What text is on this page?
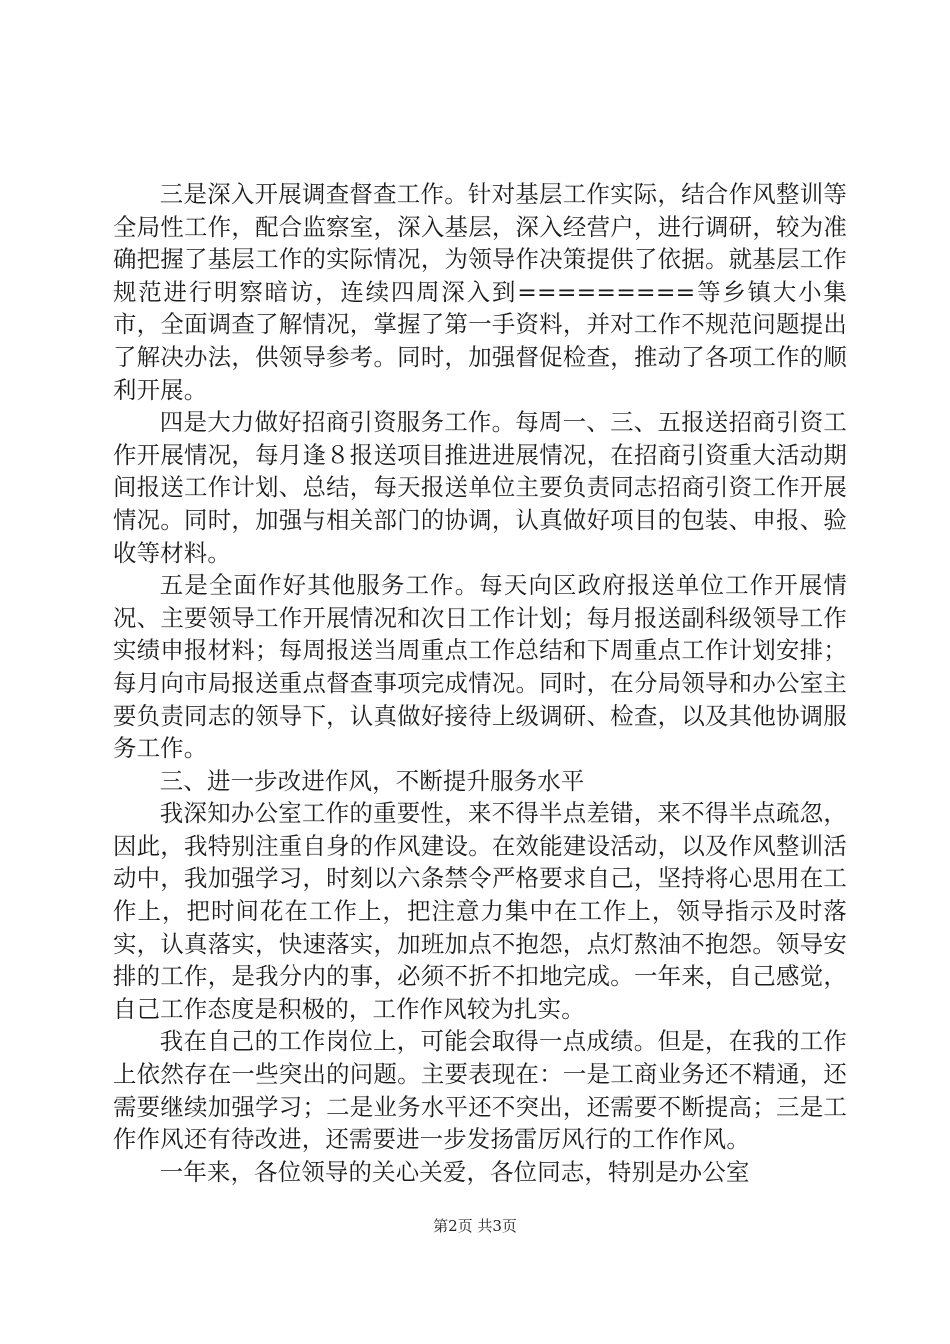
三是深入开展调查督查工作。针对基层工作实际，结合作风整训等全局性工作，配合监察室，深入基层，深入经营户，进行调研，较为准确把握了基层工作的实际情况，为领导作决策提供了依据。就基层工作规范进行明察暗访，连续四周深入到=========等乡镇大小集市，全面调查了解情况，掌握了第一手资料，并对工作不规范问题提出了解决办法，供领导参考。同时，加强督促检查，推动了各项工作的顺利开展。

四是大力做好招商引资服务工作。每周一、三、五报送招商引资工作开展情况，每月逢８报送项目推进进展情况，在招商引资重大活动期间报送工作计划、总结，每天报送单位主要负责同志招商引资工作开展情况。同时，加强与相关部门的协调，认真做好项目的包装、申报、验收等材料。

五是全面作好其他服务工作。每天向区政府报送单位工作开展情况、主要领导工作开展情况和次日工作计划；每月报送副科级领导工作实绩申报材料；每周报送当周重点工作总结和下周重点工作计划安排；每月向市局报送重点督查事项完成情况。同时，在分局领导和办公室主要负责同志的领导下，认真做好接待上级调研、检查，以及其他协调服务工作。

三、进一步改进作风，不断提升服务水平

我深知办公室工作的重要性，来不得半点差错，来不得半点疏忽，因此，我特别注重自身的作风建设。在效能建设活动，以及作风整训活动中，我加强学习，时刻以六条禁令严格要求自己，坚持将心思用在工作上，把时间花在工作上，把注意力集中在工作上，领导指示及时落实，认真落实，快速落实，加班加点不抱怨，点灯熬油不抱怨。领导安排的工作，是我分内的事，必须不折不扣地完成。一年来，自己感觉，自己工作态度是积极的，工作作风较为扎实。

我在自己的工作岗位上，可能会取得一点成绩。但是，在我的工作上依然存在一些突出的问题。主要表现在：一是工商业务还不精通，还需要继续加强学习；二是业务水平还不突出，还需要不断提高；三是工作作风还有待改进，还需要进一步发扬雷厉风行的工作作风。

一年来，各位领导的关心关爱，各位同志，特别是办公室

第2页 共3页
